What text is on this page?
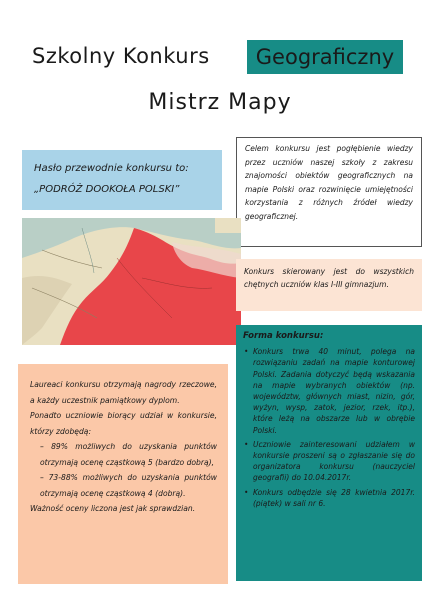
Szkolny Konkurs	Geograficzny
Mistrz Mapy
Hasło przewodnie konkursu to:
„PODRÓŻ DOOKOŁA POLSKI”
Celem konkursu jest pogłębienie wiedzy przez uczniów naszej szkoły z zakresu znajomości obiektów geograficznych na mapie Polski oraz rozwinięcie umiejętności korzystania z różnych źródeł wiedzy geograficznej.
Konkurs skierowany jest do wszystkich chętnych uczniów klas I-III gimnazjum.

Laureaci konkursu otrzymają nagrody rzeczowe, a każdy uczestnik pamiątkowy dyplom.

Ponadto uczniowie biorący udział w konkursie, którzy zdobędą:

– 89% możliwych do uzyskania punktów otrzymają ocenę cząstkową 5 (bardzo dobrą),

– 73-88% możliwych do uzyskania punktów otrzymają ocenę cząstkową 4 (dobrą).

Ważność oceny liczona jest jak sprawdzian.

Forma konkursu:
• Konkurs trwa 40 minut, polega na rozwiązaniu zadań na mapie konturowej Polski. Zadania dotyczyć będą wskazania na mapie wybranych obiektów (np. województw, głównych miast, nizin, gór, wyżyn, wysp, zatok, jezior, rzek, itp.), które leżą na obszarze lub w obrębie Polski.
• Uczniowie zainteresowani udziałem w konkursie proszeni są o zgłaszanie się do organizatora konkursu (nauczyciel geografii) do 10.04.2017r.
• Konkurs odbędzie się 28 kwietnia 2017r. (piątek) w sali nr 6.
